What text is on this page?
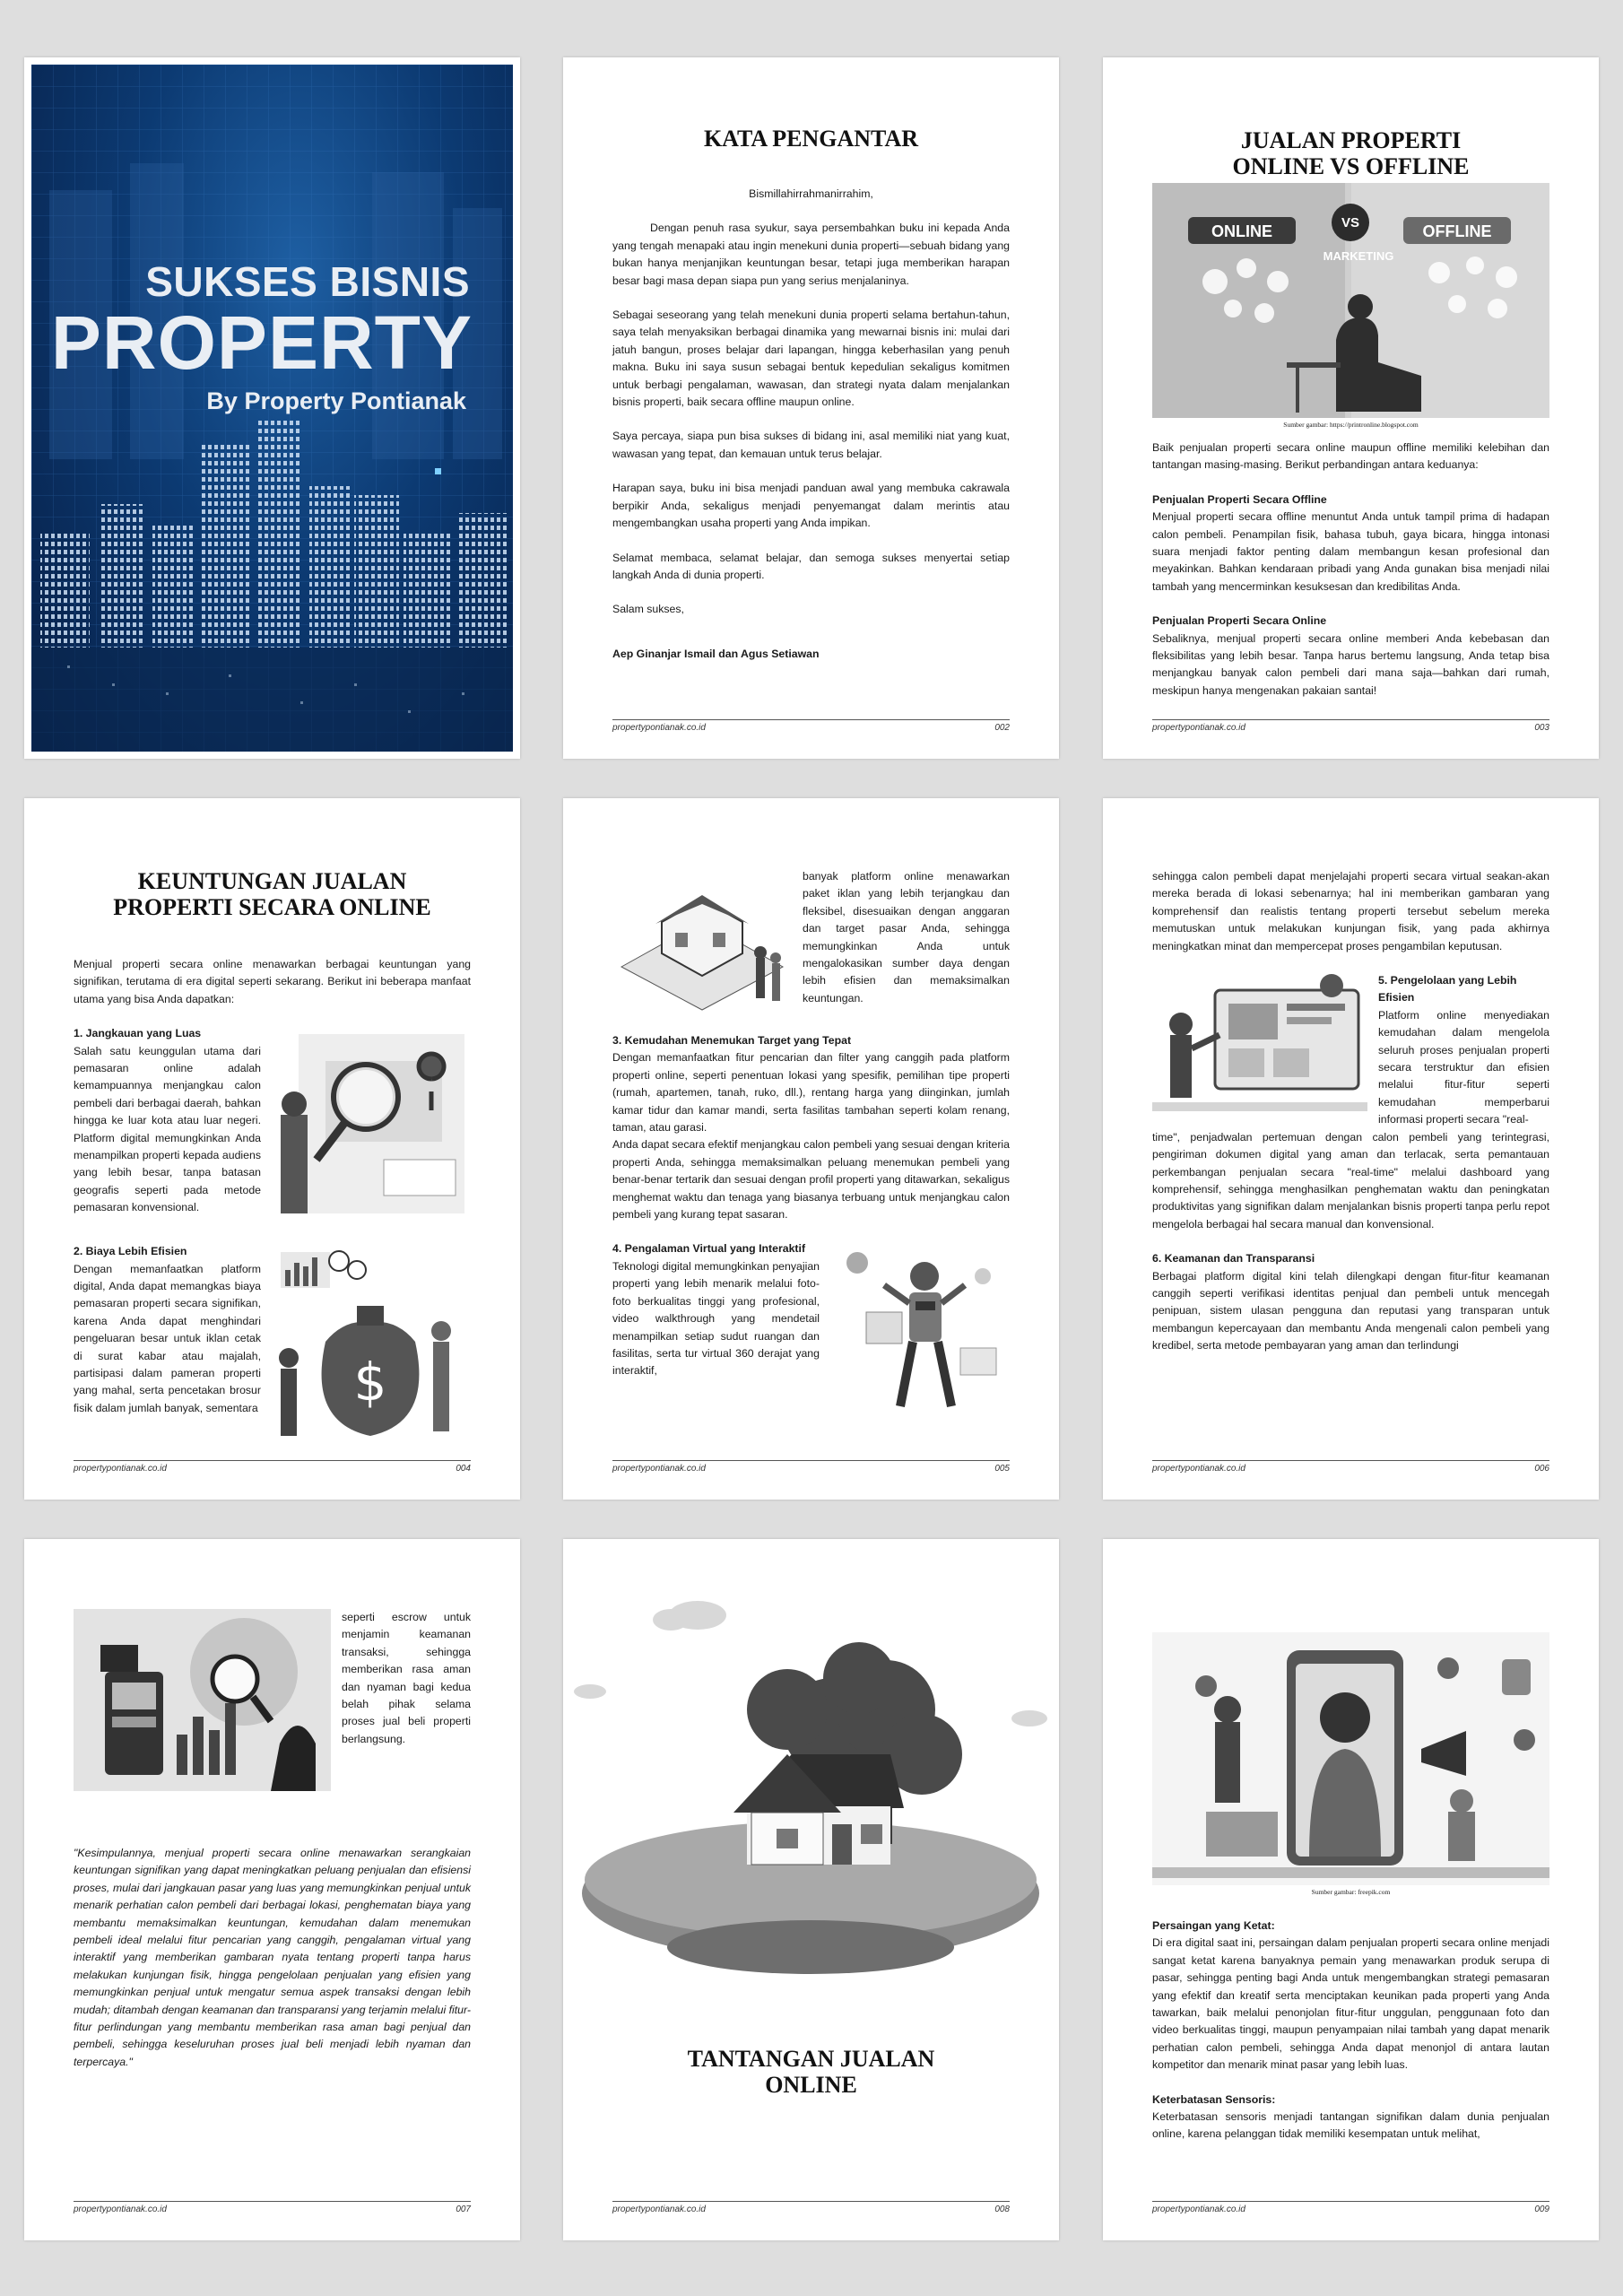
SUKSES BISNIS
PROPERTY
By Property Pontianak
KATA PENGANTAR

Bismillahirrahmanirrahim,

Dengan penuh rasa syukur, saya persembahkan buku ini kepada Anda yang tengah menapaki atau ingin menekuni dunia properti—sebuah bidang yang bukan hanya menjanjikan keuntungan besar, tetapi juga memberikan harapan besar bagi masa depan siapa pun yang serius menjalaninya.

Sebagai seseorang yang telah menekuni dunia properti selama bertahun-tahun, saya telah menyaksikan berbagai dinamika yang mewarnai bisnis ini: mulai dari jatuh bangun, proses belajar dari lapangan, hingga keberhasilan yang penuh makna. Buku ini saya susun sebagai bentuk kepedulian sekaligus komitmen untuk berbagi pengalaman, wawasan, dan strategi nyata dalam menjalankan bisnis properti, baik secara offline maupun online.

Saya percaya, siapa pun bisa sukses di bidang ini, asal memiliki niat yang kuat, wawasan yang tepat, dan kemauan untuk terus belajar.

Harapan saya, buku ini bisa menjadi panduan awal yang membuka cakrawala berpikir Anda, sekaligus menjadi penyemangat dalam merintis atau mengembangkan usaha properti yang Anda impikan.

Selamat membaca, selamat belajar, dan semoga sukses menyertai setiap langkah Anda di dunia properti.

Salam sukses,

Aep Ginanjar Ismail dan Agus Setiawan

propertypontianak.co.id	002
JUALAN PROPERTI
ONLINE VS OFFLINE
ONLINE	VS	OFFLINE
MARKETING

Sumber gambar: https://printronline.blogspot.com

Baik penjualan properti secara online maupun offline memiliki kelebihan dan tantangan masing-masing. Berikut perbandingan antara keduanya:

Penjualan Properti Secara Offline

Menjual properti secara offline menuntut Anda untuk tampil prima di hadapan calon pembeli. Penampilan fisik, bahasa tubuh, gaya bicara, hingga intonasi suara menjadi faktor penting dalam membangun kesan profesional dan meyakinkan. Bahkan kendaraan pribadi yang Anda gunakan bisa menjadi nilai tambah yang mencerminkan kesuksesan dan kredibilitas Anda.

Penjualan Properti Secara Online

Sebaliknya, menjual properti secara online memberi Anda kebebasan dan fleksibilitas yang lebih besar. Tanpa harus bertemu langsung, Anda tetap bisa menjangkau banyak calon pembeli dari mana saja—bahkan dari rumah, meskipun hanya mengenakan pakaian santai!

propertypontianak.co.id	003
KEUNTUNGAN JUALAN
PROPERTI SECARA ONLINE

Menjual properti secara online menawarkan berbagai keuntungan yang signifikan, terutama di era digital seperti sekarang. Berikut ini beberapa manfaat utama yang bisa Anda dapatkan:

1. Jangkauan yang Luas

Salah satu keunggulan utama dari pemasaran online adalah kemampuannya menjangkau calon pembeli dari berbagai daerah, bahkan hingga ke luar kota atau luar negeri. Platform digital memungkinkan Anda menampilkan properti kepada audiens yang lebih besar, tanpa batasan geografis seperti pada metode pemasaran konvensional.

$

2. Biaya Lebih Efisien

Dengan memanfaatkan platform digital, Anda dapat memangkas biaya pemasaran properti secara signifikan, karena Anda dapat menghindari pengeluaran besar untuk iklan cetak di surat kabar atau majalah, partisipasi dalam pameran properti yang mahal, serta pencetakan brosur fisik dalam jumlah banyak, sementara

propertypontianak.co.id	004

banyak platform online menawarkan paket iklan yang lebih terjangkau dan fleksibel, disesuaikan dengan anggaran dan target pasar Anda, sehingga memungkinkan Anda untuk mengalokasikan sumber daya dengan lebih efisien dan memaksimalkan keuntungan.

3. Kemudahan Menemukan Target yang Tepat

Dengan memanfaatkan fitur pencarian dan filter yang canggih pada platform properti online, seperti penentuan lokasi yang spesifik, pemilihan tipe properti (rumah, apartemen, tanah, ruko, dll.), rentang harga yang diinginkan, jumlah kamar tidur dan kamar mandi, serta fasilitas tambahan seperti kolam renang, taman, atau garasi.

Anda dapat secara efektif menjangkau calon pembeli yang sesuai dengan kriteria properti Anda, sehingga memaksimalkan peluang menemukan pembeli yang benar-benar tertarik dan sesuai dengan profil properti yang ditawarkan, sekaligus menghemat waktu dan tenaga yang biasanya terbuang untuk menjangkau calon pembeli yang kurang tepat sasaran.

4. Pengalaman Virtual yang Interaktif

Teknologi digital memungkinkan penyajian properti yang lebih menarik melalui foto-foto berkualitas tinggi yang profesional, video walkthrough yang mendetail menampilkan setiap sudut ruangan dan fasilitas, serta tur virtual 360 derajat yang interaktif,

propertypontianak.co.id	005

sehingga calon pembeli dapat menjelajahi properti secara virtual seakan-akan mereka berada di lokasi sebenarnya; hal ini memberikan gambaran yang komprehensif dan realistis tentang properti tersebut sebelum mereka memutuskan untuk melakukan kunjungan fisik, yang pada akhirnya meningkatkan minat dan mempercepat proses pengambilan keputusan.

5. Pengelolaan yang Lebih Efisien

Platform online menyediakan kemudahan dalam mengelola seluruh proses penjualan properti secara terstruktur dan efisien melalui fitur-fitur seperti kemudahan memperbarui informasi properti secara "real-

time", penjadwalan pertemuan dengan calon pembeli yang terintegrasi, pengiriman dokumen digital yang aman dan terlacak, serta pemantauan perkembangan penjualan secara "real-time" melalui dashboard yang komprehensif, sehingga menghasilkan penghematan waktu dan peningkatan produktivitas yang signifikan dalam menjalankan bisnis properti tanpa perlu repot mengelola berbagai hal secara manual dan konvensional.

6. Keamanan dan Transparansi

Berbagai platform digital kini telah dilengkapi dengan fitur-fitur keamanan canggih seperti verifikasi identitas penjual dan pembeli untuk mencegah penipuan, sistem ulasan pengguna dan reputasi yang transparan untuk membangun kepercayaan dan membantu Anda mengenali calon pembeli yang kredibel, serta metode pembayaran yang aman dan terlindungi

propertypontianak.co.id	006

seperti escrow untuk menjamin keamanan transaksi, sehingga memberikan rasa aman dan nyaman bagi kedua belah pihak selama proses jual beli properti berlangsung.

"Kesimpulannya, menjual properti secara online menawarkan serangkaian keuntungan signifikan yang dapat meningkatkan peluang penjualan dan efisiensi proses, mulai dari jangkauan pasar yang luas yang memungkinkan penjual untuk menarik perhatian calon pembeli dari berbagai lokasi, penghematan biaya yang membantu memaksimalkan keuntungan, kemudahan dalam menemukan pembeli ideal melalui fitur pencarian yang canggih, pengalaman virtual yang interaktif yang memberikan gambaran nyata tentang properti tanpa harus melakukan kunjungan fisik, hingga pengelolaan penjualan yang efisien yang memungkinkan penjual untuk mengatur semua aspek transaksi dengan lebih mudah; ditambah dengan keamanan dan transparansi yang terjamin melalui fitur-fitur perlindungan yang membantu memberikan rasa aman bagi penjual dan pembeli, sehingga keseluruhan proses jual beli menjadi lebih nyaman dan terpercaya."

propertypontianak.co.id	007
TANTANGAN JUALAN
ONLINE
propertypontianak.co.id	008

Sumber gambar: freepik.com

Persaingan yang Ketat:

Di era digital saat ini, persaingan dalam penjualan properti secara online menjadi sangat ketat karena banyaknya pemain yang menawarkan produk serupa di pasar, sehingga penting bagi Anda untuk mengembangkan strategi pemasaran yang efektif dan kreatif serta menciptakan keunikan pada properti yang Anda tawarkan, baik melalui penonjolan fitur-fitur unggulan, penggunaan foto dan video berkualitas tinggi, maupun penyampaian nilai tambah yang dapat menarik perhatian calon pembeli, sehingga Anda dapat menonjol di antara lautan kompetitor dan menarik minat pasar yang lebih luas.

Keterbatasan Sensoris:

Keterbatasan sensoris menjadi tantangan signifikan dalam dunia penjualan online, karena pelanggan tidak memiliki kesempatan untuk melihat,

propertypontianak.co.id	009
